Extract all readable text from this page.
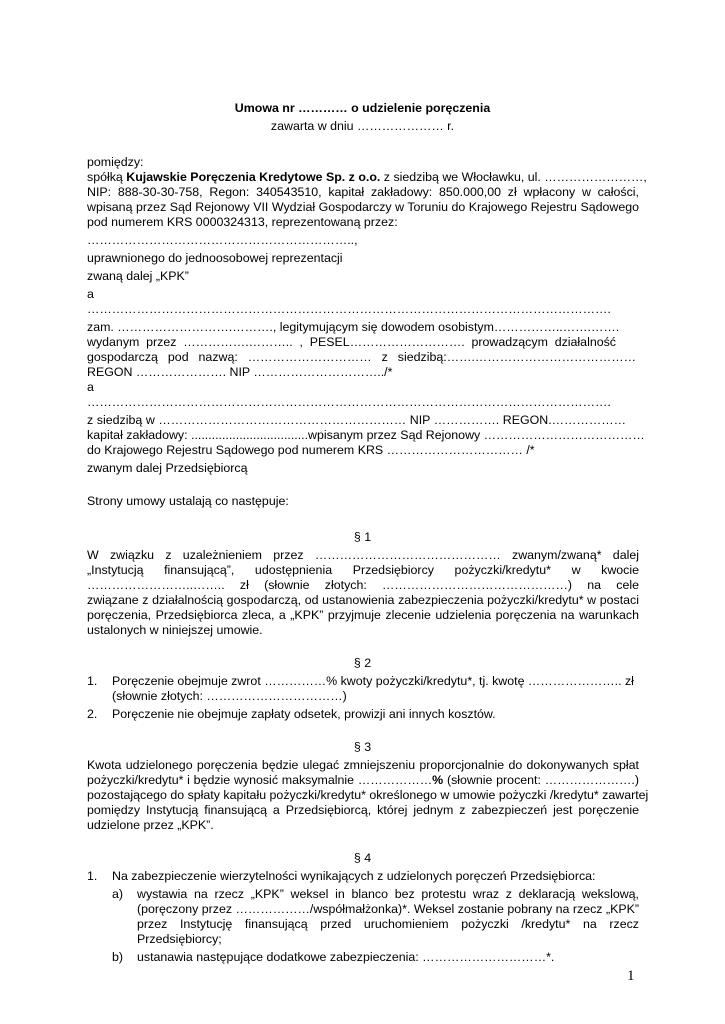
Umowa nr ………… o udzielenie poręczenia
zawarta w dniu ………………… r.
pomiędzy:
spółką Kujawskie Poręczenia Kredytowe Sp. z o.o. z siedzibą we Włocławku, ul. ……………………,
NIP: 888-30-30-758, Regon: 340543510, kapitał zakładowy: 850.000,00 zł wpłacony w całości,
wpisaną przez Sąd Rejonowy VII Wydział Gospodarczy w Toruniu do Krajowego Rejestru Sądowego
pod numerem KRS 0000324313, reprezentowaną przez:
………………………………………………………..,
uprawnionego do jednoosobowej reprezentacji
zwaną dalej „KPK”
a
……………………………………………………………………………………………………………….
zam. ……………………….………., legitymującym się dowodem osobistym……………..…….…….
wydanym przez …………….……….. , PESEL………………………. prowadzącym działalność
gospodarczą pod nazwą: ………………………… z siedzibą:…….…………………………………
REGON …………………. NIP …………………………../*
a
……………………………………………………………………………………………………………….
z siedzibą w …………………………………………………… NIP ……………. REGON.………………
kapitał zakładowy: ..................................wpisanym przez Sąd Rejonowy …………………………………
do Krajowego Rejestru Sądowego pod numerem KRS …………………………… /*
zwanym dalej Przedsiębiorcą
Strony umowy ustalają co następuje:
§ 1
W związku z uzależnieniem przez ……………………………………… zwanym/zwaną* dalej
„Instytucją finansującą”, udostępnienia Przedsiębiorcy pożyczki/kredytu* w kwocie
……………………..…….. zł (słownie złotych: ………………………………………) na cele
związane z działalnością gospodarczą, od ustanowienia zabezpieczenia pożyczki/kredytu* w postaci
poręczenia, Przedsiębiorca zleca, a „KPK” przyjmuje zlecenie udzielenia poręczenia na warunkach
ustalonych w niniejszej umowie.
§ 2
1. Poręczenie obejmuje zwrot ……………% kwoty pożyczki/kredytu*, tj. kwotę ………………….. zł
(słownie złotych: ……………………………)
2. Poręczenie nie obejmuje zapłaty odsetek, prowizji ani innych kosztów.
§ 3
Kwota udzielonego poręczenia będzie ulegać zmniejszeniu proporcjonalnie do dokonywanych spłat
pożyczki/kredytu* i będzie wynosić maksymalnie ………………% (słownie procent: ………………….)
pozostającego do spłaty kapitału pożyczki/kredytu* określonego w umowie pożyczki /kredytu* zawartej
pomiędzy Instytucją finansującą a Przedsiębiorcą, której jednym z zabezpieczeń jest poręczenie
udzielone przez „KPK”.
§ 4
1. Na zabezpieczenie wierzytelności wynikających z udzielonych poręczeń Przedsiębiorca:
a) wystawia na rzecz „KPK” weksel in blanco bez protestu wraz z deklaracją wekslową,
(poręczony przez ………………/współmałżonka)*. Weksel zostanie pobrany na rzecz „KPK”
przez Instytucję finansującą przed uruchomieniem pożyczki /kredytu* na rzecz
Przedsiębiorcy;
b) ustanawia następujące dodatkowe zabezpieczenia: …………………………*.
1
